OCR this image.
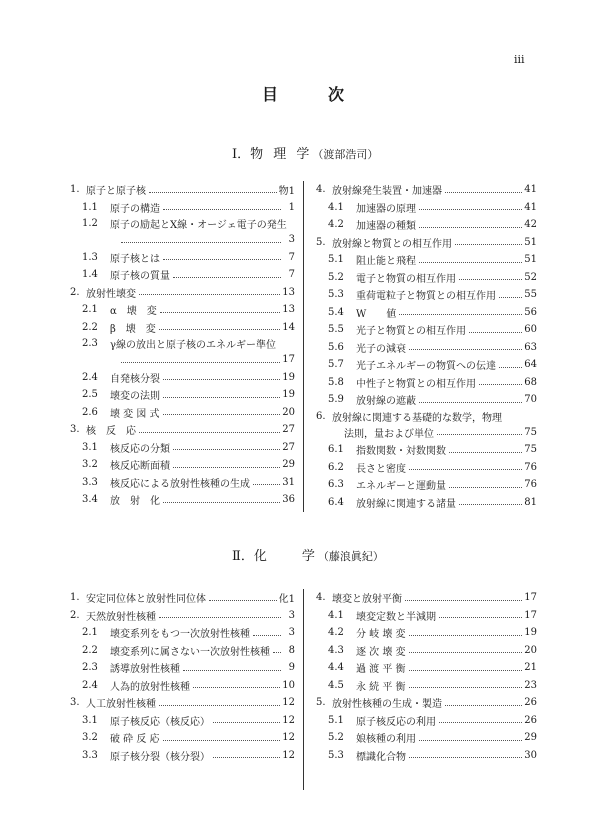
iii
目　　次
Ⅰ．物 理 学（渡部浩司）
1. 原子と原子核	物1
1.1	原子の構造	1
1.2	原子の励起とX線・オージェ電子の発生
3
1.3	原子核とは	7
1.4	原子核の質量	7
2. 放射性壊変	13
2.1	α　壊　変	13
2.2	β　壊　変	14
2.3	γ線の放出と原子核のエネルギー準位
17
2.4	自発核分裂	19
2.5	壊変の法則	19
2.6	壊 変 図 式	20
3. 核　反　応	27
3.1	核反応の分類	27
3.2	核反応断面積	29
3.3	核反応による放射性核種の生成	31
3.4	放　射　化	36
4. 放射線発生装置・加速器	41
4.1	加速器の原理	41
4.2	加速器の種類	42
5. 放射線と物質との相互作用	51
5.1	阻止能と飛程	51
5.2	電子と物質の相互作用	52
5.3	重荷電粒子と物質との相互作用	55
5.4	W　　値	56
5.5	光子と物質との相互作用	60
5.6	光子の減衰	63
5.7	光子エネルギーの物質への伝達	64
5.8	中性子と物質との相互作用	68
5.9	放射線の遮蔽	70
6. 放射線に関連する基礎的な数学，物理
法則，量および単位	75
6.1	指数関数・対数関数	75
6.2	長さと密度	76
6.3	エネルギーと運動量	76
6.4	放射線に関連する諸量	81
Ⅱ．化　　学（藤浪眞紀）
1. 安定同位体と放射性同位体	化1
2. 天然放射性核種	3
2.1	壊変系列をもつ一次放射性核種	3
2.2	壊変系列に属さない一次放射性核種	8
2.3	誘導放射性核種	9
2.4	人為的放射性核種	10
3. 人工放射性核種	12
3.1	原子核反応（核反応）	12
3.2	破 砕 反 応	12
3.3	原子核分裂（核分裂）	12
4. 壊変と放射平衡	17
4.1	壊変定数と半減期	17
4.2	分 岐 壊 変	19
4.3	逐 次 壊 変	20
4.4	過 渡 平 衡	21
4.5	永 続 平 衡	23
5. 放射性核種の生成・製造	26
5.1	原子核反応の利用	26
5.2	娘核種の利用	29
5.3	標識化合物	30
